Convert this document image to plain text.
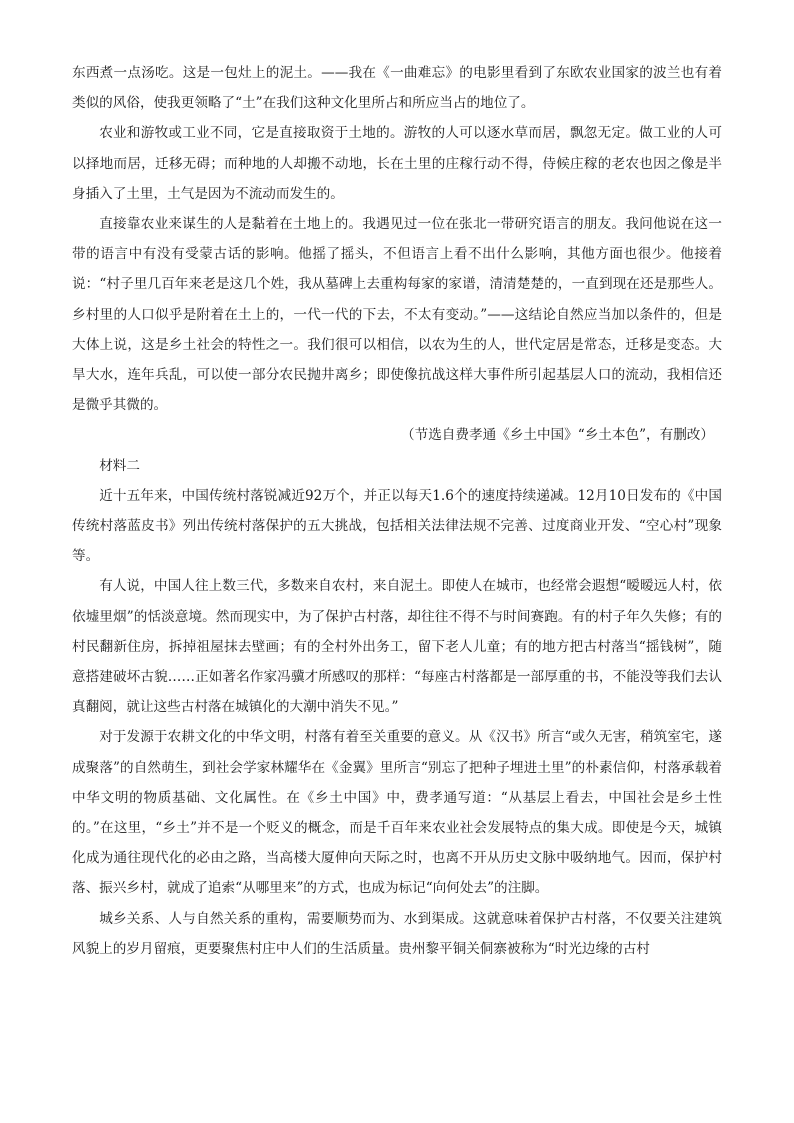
东西煮一点汤吃。这是一包灶上的泥土。——我在《一曲难忘》的电影里看到了东欧农业国家的波兰也有着类似的风俗，使我更领略了“土”在我们这种文化里所占和所应当占的地位了。

农业和游牧或工业不同，它是直接取资于土地的。游牧的人可以逐水草而居，飘忽无定。做工业的人可以择地而居，迁移无碍；而种地的人却搬不动地，长在土里的庄稼行动不得，侍候庄稼的老农也因之像是半身插入了土里，土气是因为不流动而发生的。

直接靠农业来谋生的人是黏着在土地上的。我遇见过一位在张北一带研究语言的朋友。我问他说在这一带的语言中有没有受蒙古话的影响。他摇了摇头，不但语言上看不出什么影响，其他方面也很少。他接着说：“村子里几百年来老是这几个姓，我从墓碑上去重构每家的家谱，清清楚楚的，一直到现在还是那些人。乡村里的人口似乎是附着在土上的，一代一代的下去，不太有变动。”——这结论自然应当加以条件的，但是大体上说，这是乡土社会的特性之一。我们很可以相信，以农为生的人，世代定居是常态，迁移是变态。大旱大水，连年兵乱，可以使一部分农民抛井离乡；即使像抗战这样大事件所引起基层人口的流动，我相信还是微乎其微的。

（节选自费孝通《乡土中国》“乡土本色”，有删改）

材料二

近十五年来，中国传统村落锐减近92万个，并正以每天1.6个的速度持续递减。12月10日发布的《中国传统村落蓝皮书》列出传统村落保护的五大挑战，包括相关法律法规不完善、过度商业开发、“空心村”现象等。

有人说，中国人往上数三代，多数来自农村，来自泥土。即使人在城市，也经常会遐想“暧暧远人村，依依墟里烟”的恬淡意境。然而现实中，为了保护古村落，却往往不得不与时间赛跑。有的村子年久失修；有的村民翻新住房，拆掉祖屋抹去壁画；有的全村外出务工，留下老人儿童；有的地方把古村落当“摇钱树”，随意搭建破坏古貌……正如著名作家冯骥才所感叹的那样：“每座古村落都是一部厚重的书，不能没等我们去认真翻阅，就让这些古村落在城镇化的大潮中消失不见。”

对于发源于农耕文化的中华文明，村落有着至关重要的意义。从《汉书》所言“或久无害，稍筑室宅，遂成聚落”的自然萌生，到社会学家林耀华在《金翼》里所言“别忘了把种子埋进土里”的朴素信仰，村落承载着中华文明的物质基础、文化属性。在《乡土中国》中，费孝通写道：“从基层上看去，中国社会是乡土性的。”在这里，“乡土”并不是一个贬义的概念，而是千百年来农业社会发展特点的集大成。即使是今天，城镇化成为通往现代化的必由之路，当高楼大厦伸向天际之时，也离不开从历史文脉中吸纳地气。因而，保护村落、振兴乡村，就成了追索“从哪里来”的方式，也成为标记“向何处去”的注脚。

城乡关系、人与自然关系的重构，需要顺势而为、水到渠成。这就意味着保护古村落，不仅要关注建筑风貌上的岁月留痕，更要聚焦村庄中人们的生活质量。贵州黎平铜关侗寨被称为“时光边缘的古村
